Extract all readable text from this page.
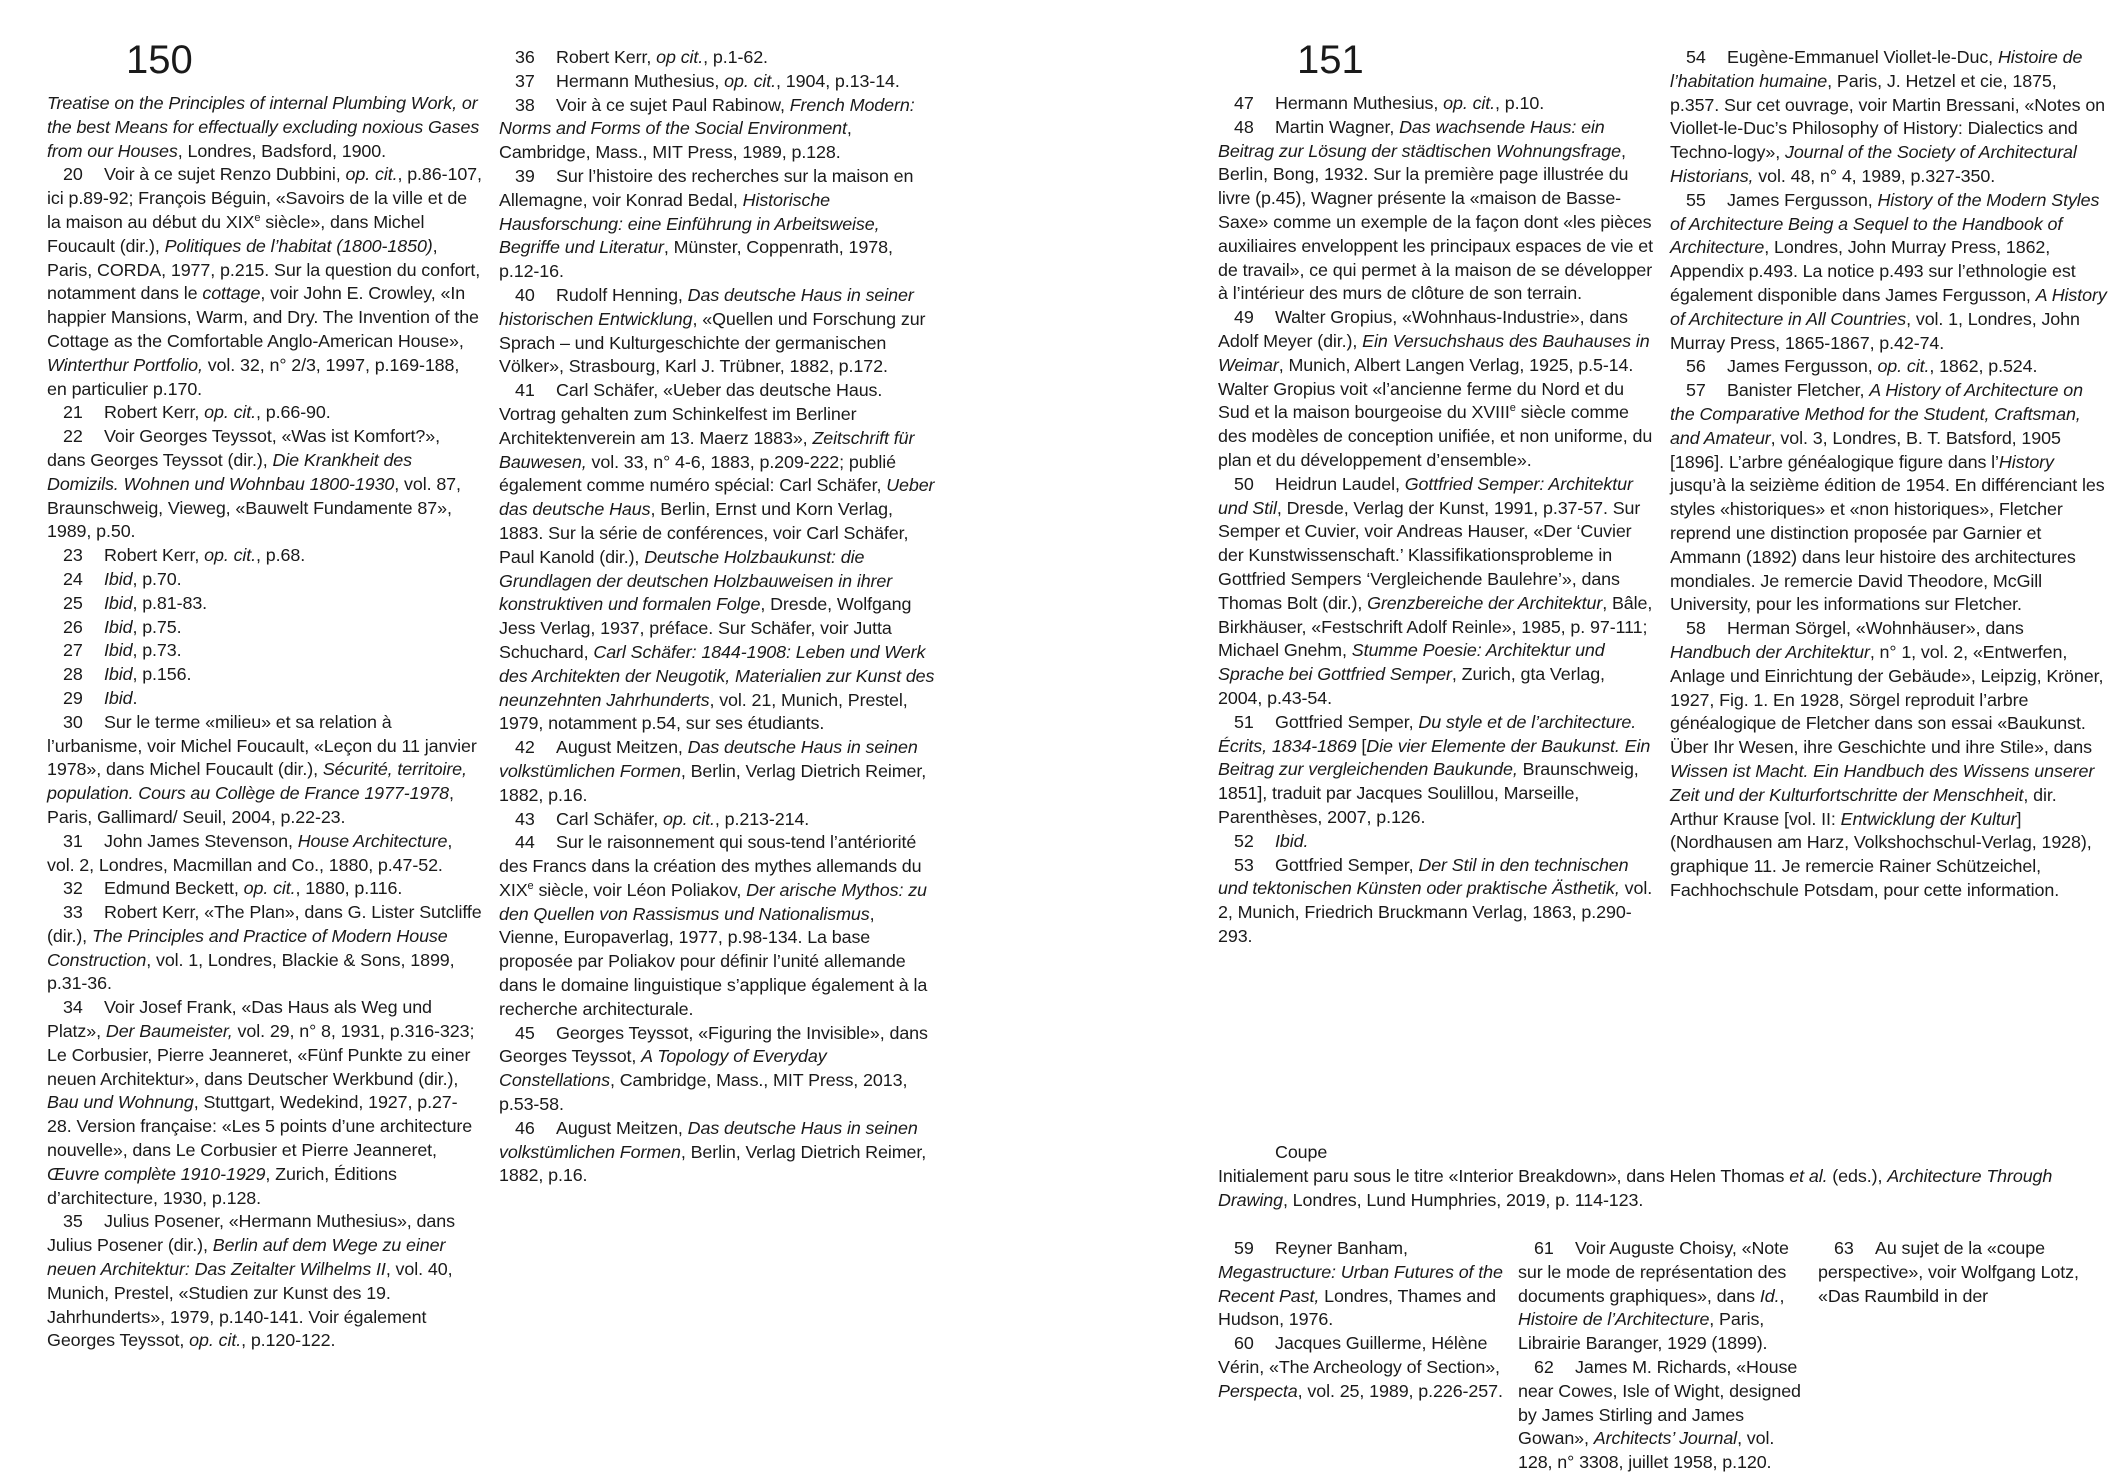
150

Treatise on the Principles of internal Plumbing Work, or the best Means for effectually excluding noxious Gases from our Houses, Londres, Badsford, 1900.

20 Voir à ce sujet Renzo Dubbini, op. cit., p.86-107, ici p.89-92; François Béguin, «Savoirs de la ville et de la maison au début du XIXe siècle», dans Michel Foucault (dir.), Politiques de l’habitat (1800-1850), Paris, CORDA, 1977, p.215. Sur la question du confort, notamment dans le cottage, voir John E. Crowley, «In happier Mansions, Warm, and Dry. The Invention of the Cottage as the Comfortable Anglo-American House», Winterthur Portfolio, vol. 32, n° 2/3, 1997, p.169-188, en particulier p.170.

21 Robert Kerr, op. cit., p.66-90.

22 Voir Georges Teyssot, «Was ist Komfort?», dans Georges Teyssot (dir.), Die Krankheit des Domizils. Wohnen und Wohnbau 1800-1930, vol. 87, Braunschweig, Vieweg, «Bauwelt Fundamente 87», 1989, p.50.

23 Robert Kerr, op. cit., p.68.

24 Ibid, p.70.

25 Ibid, p.81-83.

26 Ibid, p.75.

27 Ibid, p.73.

28 Ibid, p.156.

29 Ibid.

30 Sur le terme «milieu» et sa relation à l’urbanisme, voir Michel Foucault, «Leçon du 11 janvier 1978», dans Michel Foucault (dir.), Sécurité, territoire, population. Cours au Collège de France 1977-1978, Paris, Gallimard/ Seuil, 2004, p.22-23.

31 John James Stevenson, House Architecture, vol. 2, Londres, Macmillan and Co., 1880, p.47-52.

32 Edmund Beckett, op. cit., 1880, p.116.

33 Robert Kerr, «The Plan», dans G. Lister Sutcliffe (dir.), The Principles and Practice of Modern House Construction, vol. 1, Londres, Blackie & Sons, 1899, p.31-36.

34 Voir Josef Frank, «Das Haus als Weg und Platz», Der Baumeister, vol. 29, n° 8, 1931, p.316-323; Le Corbusier, Pierre Jeanneret, «Fünf Punkte zu einer neuen Architektur», dans Deutscher Werkbund (dir.), Bau und Wohnung, Stuttgart, Wedekind, 1927, p.27-28. Version française: «Les 5 points d’une architecture nouvelle», dans Le Corbusier et Pierre Jeanneret, Œuvre complète 1910-1929, Zurich, Éditions d’architecture, 1930, p.128.

35 Julius Posener, «Hermann Muthesius», dans Julius Posener (dir.), Berlin auf dem Wege zu einer neuen Architektur: Das Zeitalter Wilhelms II, vol. 40, Munich, Prestel, «Studien zur Kunst des 19. Jahrhunderts», 1979, p.140-141. Voir également Georges Teyssot, op. cit., p.120-122.

36 Robert Kerr, op cit., p.1-62.

37 Hermann Muthesius, op. cit., 1904, p.13-14.

38 Voir à ce sujet Paul Rabinow, French Modern: Norms and Forms of the Social Environment, Cambridge, Mass., MIT Press, 1989, p.128.

39 Sur l’histoire des recherches sur la maison en Allemagne, voir Konrad Bedal, Historische Hausforschung: eine Einführung in Arbeitsweise, Begriffe und Literatur, Münster, Coppenrath, 1978, p.12-16.

40 Rudolf Henning, Das deutsche Haus in seiner historischen Entwicklung, «Quellen und Forschung zur Sprach – und Kulturgeschichte der germanischen Völker», Strasbourg, Karl J. Trübner, 1882, p.172.

41 Carl Schäfer, «Ueber das deutsche Haus. Vortrag gehalten zum Schinkelfest im Berliner Architektenverein am 13. Maerz 1883», Zeitschrift für Bauwesen, vol. 33, n° 4-6, 1883, p.209-222; publié également comme numéro spécial: Carl Schäfer, Ueber das deutsche Haus, Berlin, Ernst und Korn Verlag, 1883. Sur la série de conférences, voir Carl Schäfer, Paul Kanold (dir.), Deutsche Holzbaukunst: die Grundlagen der deutschen Holzbauweisen in ihrer konstruktiven und formalen Folge, Dresde, Wolfgang Jess Verlag, 1937, préface. Sur Schäfer, voir Jutta Schuchard, Carl Schäfer: 1844-1908: Leben und Werk des Architekten der Neugotik, Materialien zur Kunst des neunzehnten Jahrhunderts, vol. 21, Munich, Prestel, 1979, notamment p.54, sur ses étudiants.

42 August Meitzen, Das deutsche Haus in seinen volkstümlichen Formen, Berlin, Verlag Dietrich Reimer, 1882, p.16.

43 Carl Schäfer, op. cit., p.213-214.

44 Sur le raisonnement qui sous-tend l’antériorité des Francs dans la création des mythes allemands du XIXe siècle, voir Léon Poliakov, Der arische Mythos: zu den Quellen von Rassismus und Nationalismus, Vienne, Europaverlag, 1977, p.98-134. La base proposée par Poliakov pour définir l’unité allemande dans le domaine linguistique s’applique également à la recherche architecturale.

45 Georges Teyssot, «Figuring the Invisible», dans Georges Teyssot, A Topology of Everyday Constellations, Cambridge, Mass., MIT Press, 2013, p.53-58.

46 August Meitzen, Das deutsche Haus in seinen volkstümlichen Formen, Berlin, Verlag Dietrich Reimer, 1882, p.16.

151

47 Hermann Muthesius, op. cit., p.10.

48 Martin Wagner, Das wachsende Haus: ein Beitrag zur Lösung der städtischen Wohnungsfrage, Berlin, Bong, 1932. Sur la première page illustrée du livre (p.45), Wagner présente la «maison de Basse-Saxe» comme un exemple de la façon dont «les pièces auxiliaires enveloppent les principaux espaces de vie et de travail», ce qui permet à la maison de se développer à l’intérieur des murs de clôture de son terrain.

49 Walter Gropius, «Wohnhaus-Industrie», dans Adolf Meyer (dir.), Ein Versuchshaus des Bauhauses in Weimar, Munich, Albert Langen Verlag, 1925, p.5-14. Walter Gropius voit «l’ancienne ferme du Nord et du Sud et la maison bourgeoise du XVIIIe siècle comme des modèles de conception unifiée, et non uniforme, du plan et du développement d’ensemble».

50 Heidrun Laudel, Gottfried Semper: Architektur und Stil, Dresde, Verlag der Kunst, 1991, p.37-57. Sur Semper et Cuvier, voir Andreas Hauser, «Der ‘Cuvier der Kunstwissenschaft.’ Klassifikationsprobleme in Gottfried Sempers ‘Vergleichende Baulehre’», dans Thomas Bolt (dir.), Grenzbereiche der Architektur, Bâle, Birkhäuser, «Festschrift Adolf Reinle», 1985, p. 97-111; Michael Gnehm, Stumme Poesie: Architektur und Sprache bei Gottfried Semper, Zurich, gta Verlag, 2004, p.43-54.

51 Gottfried Semper, Du style et de l’architecture. Écrits, 1834-1869 [Die vier Elemente der Baukunst. Ein Beitrag zur vergleichenden Baukunde, Braunschweig, 1851], traduit par Jacques Soulillou, Marseille, Parenthèses, 2007, p.126.

52 Ibid.

53 Gottfried Semper, Der Stil in den technischen und tektonischen Künsten oder praktische Ästhetik, vol. 2, Munich, Friedrich Bruckmann Verlag, 1863, p.290-293.

54 Eugène-Emmanuel Viollet-le-Duc, Histoire de l’habitation humaine, Paris, J. Hetzel et cie, 1875, p.357. Sur cet ouvrage, voir Martin Bressani, «Notes on Viollet-le-Duc’s Philosophy of History: Dialectics and Techno-logy», Journal of the Society of Architectural Historians, vol. 48, n° 4, 1989, p.327-350.

55 James Fergusson, History of the Modern Styles of Architecture Being a Sequel to the Handbook of Architecture, Londres, John Murray Press, 1862, Appendix p.493. La notice p.493 sur l’ethnologie est également disponible dans James Fergusson, A History of Architecture in All Countries, vol. 1, Londres, John Murray Press, 1865-1867, p.42-74.

56 James Fergusson, op. cit., 1862, p.524.

57 Banister Fletcher, A History of Architecture on the Comparative Method for the Student, Craftsman, and Amateur, vol. 3, Londres, B. T. Batsford, 1905 [1896]. L’arbre généalogique figure dans l’History jusqu’à la seizième édition de 1954. En différenciant les styles «historiques» et «non historiques», Fletcher reprend une distinction proposée par Garnier et Ammann (1892) dans leur histoire des architectures mondiales. Je remercie David Theodore, McGill University, pour les informations sur Fletcher.

58 Herman Sörgel, «Wohnhäuser», dans Handbuch der Architektur, n° 1, vol. 2, «Entwerfen, Anlage und Einrichtung der Gebäude», Leipzig, Kröner, 1927, Fig. 1. En 1928, Sörgel reproduit l’arbre généalogique de Fletcher dans son essai «Baukunst. Über Ihr Wesen, ihre Geschichte und ihre Stile», dans Wissen ist Macht. Ein Handbuch des Wissens unserer Zeit und der Kulturfortschritte der Menschheit, dir. Arthur Krause [vol. II: Entwicklung der Kultur] (Nordhausen am Harz, Volkshochschul-Verlag, 1928), graphique 11. Je remercie Rainer Schützeichel, Fachhochschule Potsdam, pour cette information.

Coupe

Initialement paru sous le titre «Interior Breakdown», dans Helen Thomas et al. (eds.), Architecture Through Drawing, Londres, Lund Humphries, 2019, p. 114-123.

59 Reyner Banham, Megastructure: Urban Futures of the Recent Past, Londres, Thames and Hudson, 1976.

60 Jacques Guillerme, Hélène Vérin, «The Archeology of Section», Perspecta, vol. 25, 1989, p.226-257.

61 Voir Auguste Choisy, «Note sur le mode de représentation des documents graphiques», dans Id., Histoire de l’Architecture, Paris, Librairie Baranger, 1929 (1899).

62 James M. Richards, «House near Cowes, Isle of Wight, designed by James Stirling and James Gowan», Architects’ Journal, vol. 128, n° 3308, juillet 1958, p.120.

63 Au sujet de la «coupe perspective», voir Wolfgang Lotz, «Das Raumbild in der
